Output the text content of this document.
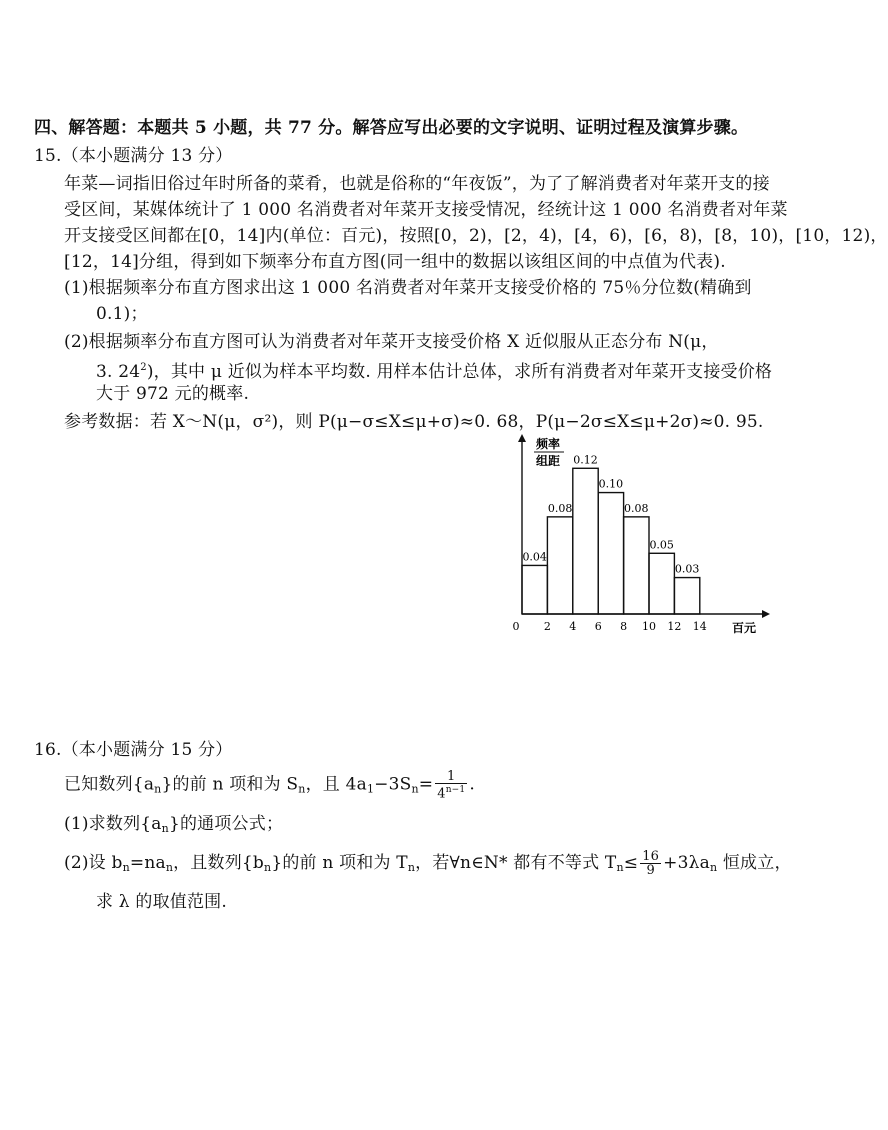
四、解答题：本题共 5 小题，共 77 分。解答应写出必要的文字说明、证明过程及演算步骤。
15.（本小题满分 13 分）
年菜—词指旧俗过年时所备的菜肴，也就是俗称的“年夜饭”，为了了解消费者对年菜开支的接
受区间，某媒体统计了 1 000 名消费者对年菜开支接受情况，经统计这 1 000 名消费者对年菜
开支接受区间都在[0，14]内(单位：百元)，按照[0，2)，[2，4)，[4，6)，[6，8)，[8，10)，[10，12)，
[12，14]分组，得到如下频率分布直方图(同一组中的数据以该组区间的中点值为代表).
(1)根据频率分布直方图求出这 1 000 名消费者对年菜开支接受价格的 75％分位数(精确到
0.1)；
(2)根据频率分布直方图可认为消费者对年菜开支接受价格 X 近似服从正态分布 N(μ，
3. $24^2$)，其中 μ 近似为样本平均数. 用样本估计总体，求所有消费者对年菜开支接受价格
大于 972 元的概率.
参考数据：若 X～N(μ，σ²)，则 P(μ−σ≤X≤μ+σ)≈0. 68，P(μ−2σ≤X≤μ+2σ)≈0. 95.
频率
组距
0.04
0.08
0.12
0.10
0.08
0.05
0.03
0 2 4 6 8 10 12 14 百元
16.（本小题满分 15 分）
已知数列{an}的前 n 项和为 Sn，且 $4a1-3Sn= \frac{1}{4^{n-1}}$ .
(1)求数列{an}的通项公式；
(2)设 bn=nan，且数列{bn}的前 n 项和为 Tn，若∀n∈N* 都有不等式 $Tn\le \frac{16}{9} +3\lambda an$ 恒成立，
求 λ 的取值范围.
